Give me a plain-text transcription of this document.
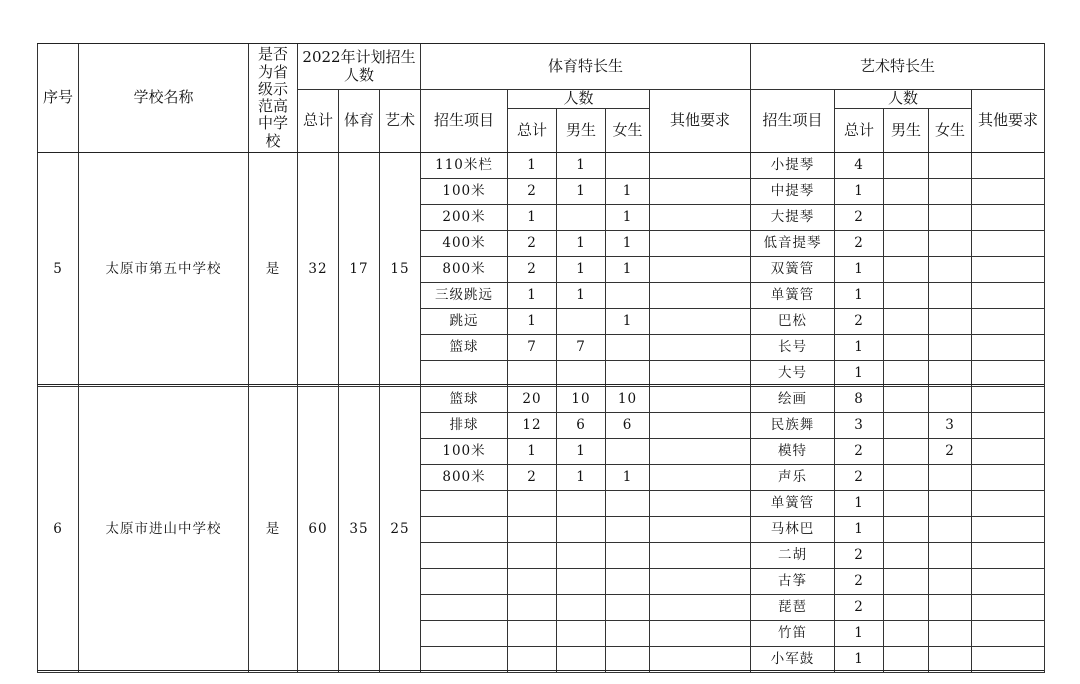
序号	学校名称	是否为省级示范高中学校	2022年计划招生人数			体育特长生					艺术特长生				
			总计	体育	艺术	招生项目	人数			其他要求	招生项目	人数			其他要求
							总计	男生	女生			总计	男生	女生	
5	太原市第五中学校	是	32	17	15	110米栏	1	1			小提琴	4			
						100米	2	1	1		中提琴	1			
						200米	1		1		大提琴	2			
						400米	2	1	1		低音提琴	2			
						800米	2	1	1		双簧管	1			
						三级跳远	1	1			单簧管	1			
						跳远	1		1		巴松	2			
						篮球	7	7			长号	1			
											大号	1			
6	太原市进山中学校	是	60	35	25	篮球	20	10	10		绘画	8			
						排球	12	6	6		民族舞	3		3	
						100米	1	1			模特	2		2	
						800米	2	1	1		声乐	2			
											单簧管	1			
											马林巴	1			
											二胡	2			
											古筝	2			
											琵琶	2			
											竹笛	1			
											小军鼓	1			
